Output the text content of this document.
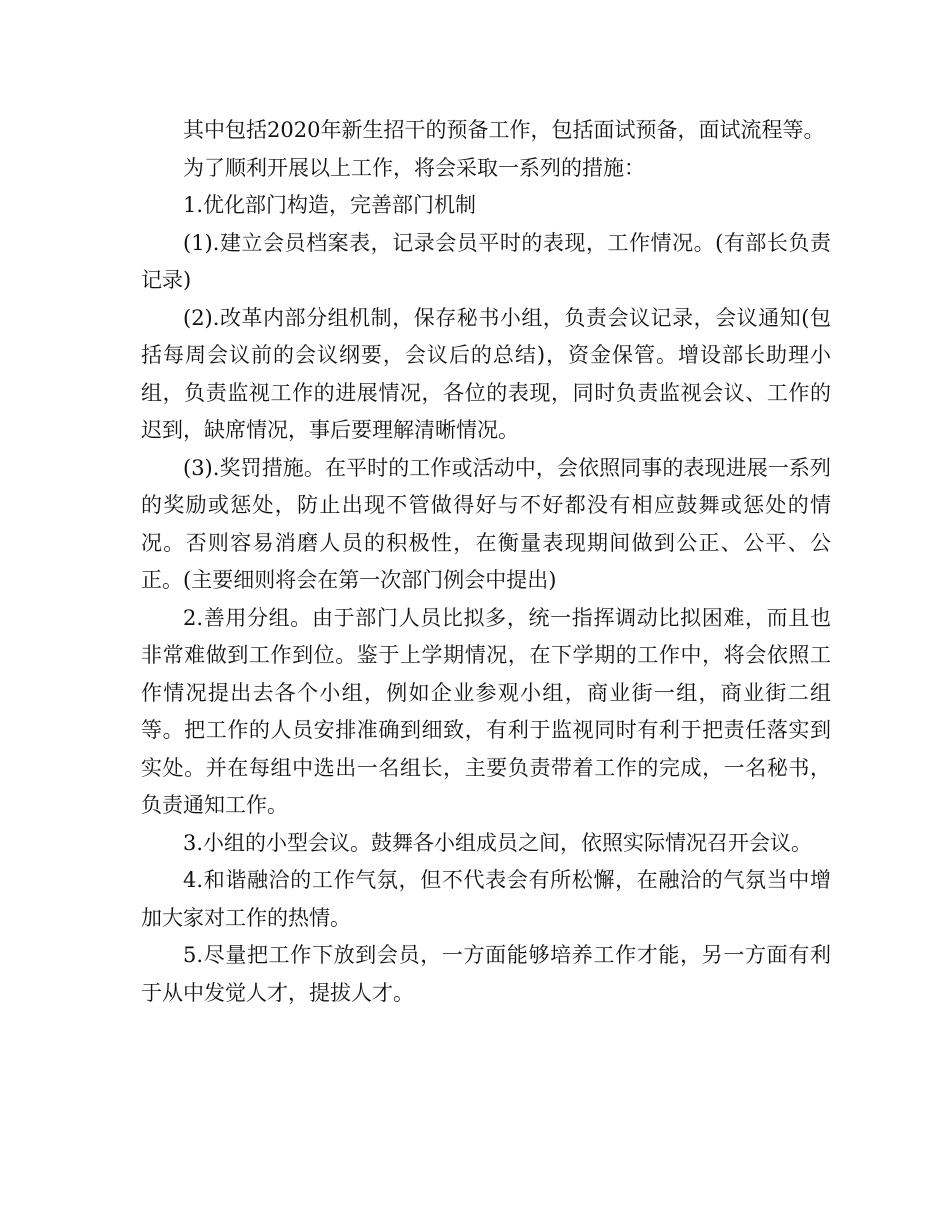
其中包括2020年新生招干的预备工作，包括面试预备，面试流程等。

为了顺利开展以上工作，将会采取一系列的措施：

1.优化部门构造，完善部门机制

(1).建立会员档案表，记录会员平时的表现，工作情况。(有部长负责记录)

(2).改革内部分组机制，保存秘书小组，负责会议记录，会议通知(包括每周会议前的会议纲要，会议后的总结)，资金保管。增设部长助理小组，负责监视工作的进展情况，各位的表现，同时负责监视会议、工作的迟到，缺席情况，事后要理解清晰情况。

(3).奖罚措施。在平时的工作或活动中，会依照同事的表现进展一系列的奖励或惩处，防止出现不管做得好与不好都没有相应鼓舞或惩处的情况。否则容易消磨人员的积极性，在衡量表现期间做到公正、公平、公正。(主要细则将会在第一次部门例会中提出)

2.善用分组。由于部门人员比拟多，统一指挥调动比拟困难，而且也非常难做到工作到位。鉴于上学期情况，在下学期的工作中，将会依照工作情况提出去各个小组，例如企业参观小组，商业街一组，商业街二组等。把工作的人员安排准确到细致，有利于监视同时有利于把责任落实到实处。并在每组中选出一名组长，主要负责带着工作的完成，一名秘书，负责通知工作。

3.小组的小型会议。鼓舞各小组成员之间，依照实际情况召开会议。

4.和谐融洽的工作气氛，但不代表会有所松懈，在融洽的气氛当中增加大家对工作的热情。

5.尽量把工作下放到会员，一方面能够培养工作才能，另一方面有利于从中发觉人才，提拔人才。
